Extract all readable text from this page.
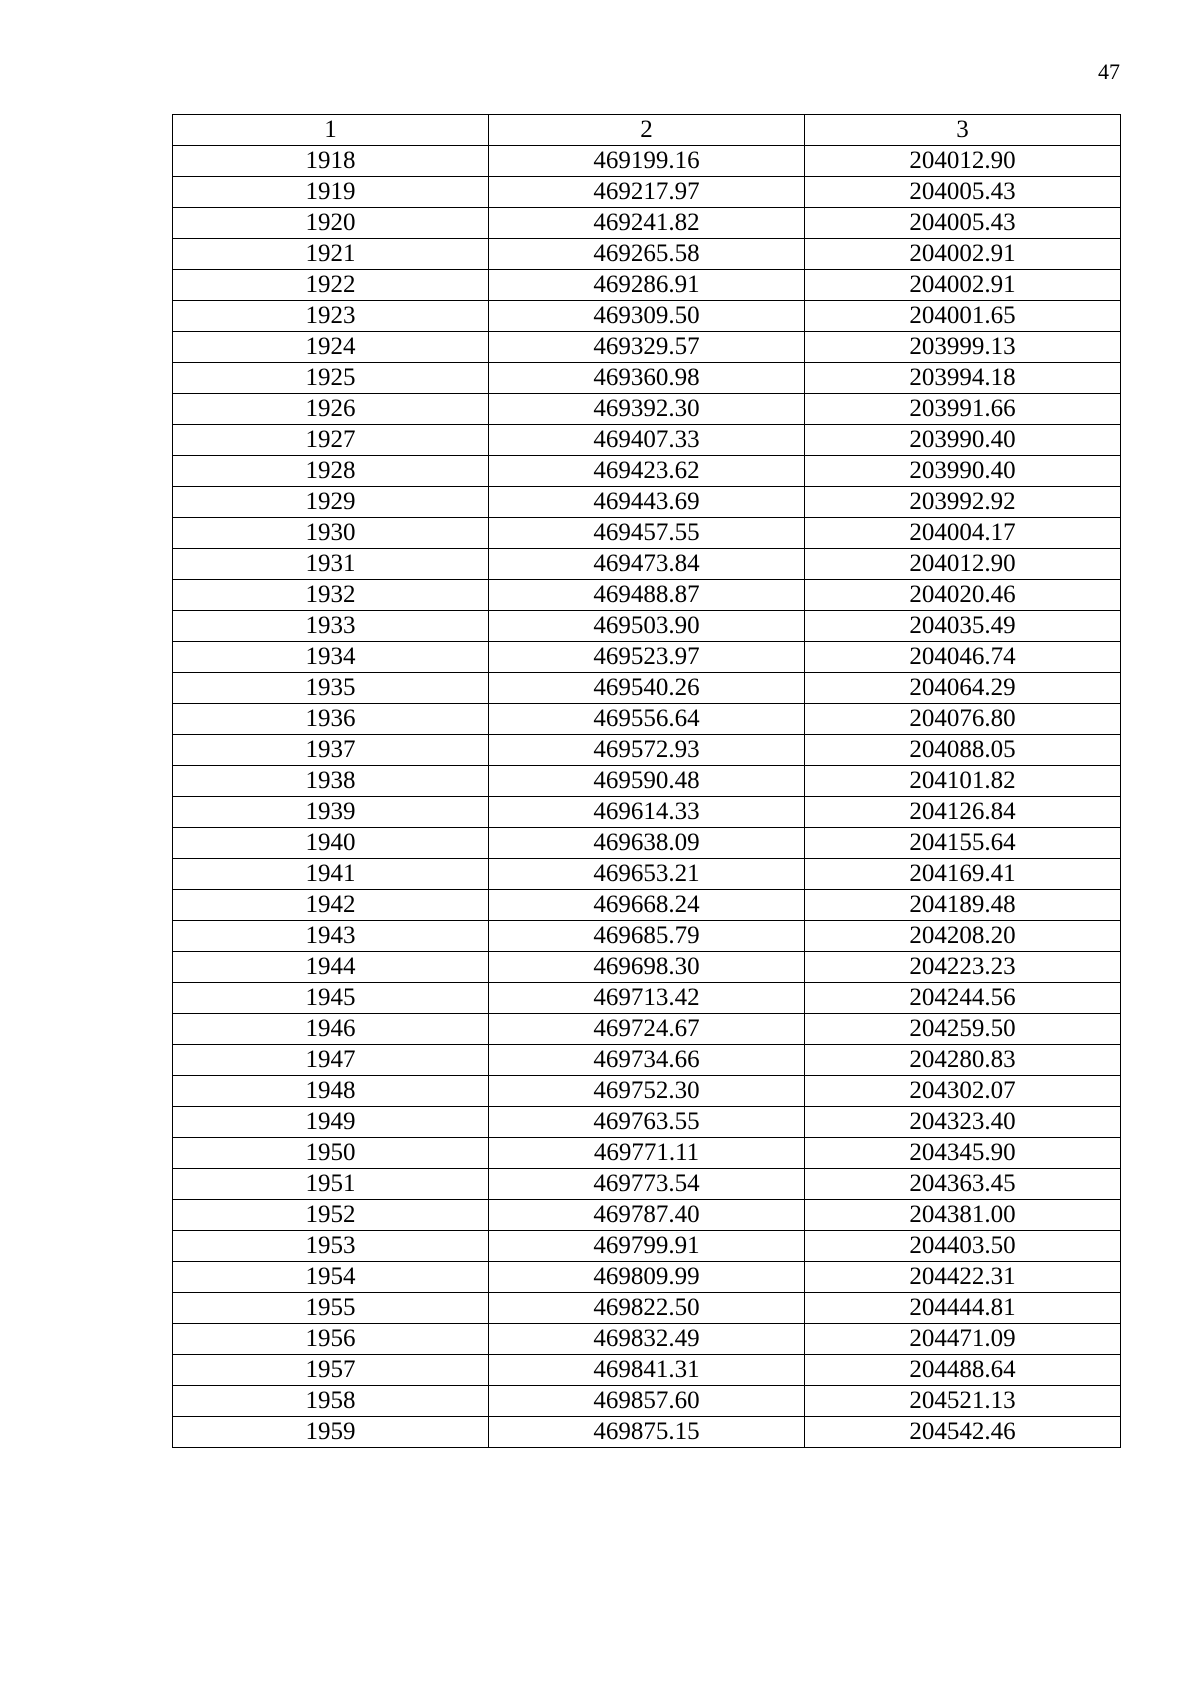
47
1	2	3
1918	469199.16	204012.90
1919	469217.97	204005.43
1920	469241.82	204005.43
1921	469265.58	204002.91
1922	469286.91	204002.91
1923	469309.50	204001.65
1924	469329.57	203999.13
1925	469360.98	203994.18
1926	469392.30	203991.66
1927	469407.33	203990.40
1928	469423.62	203990.40
1929	469443.69	203992.92
1930	469457.55	204004.17
1931	469473.84	204012.90
1932	469488.87	204020.46
1933	469503.90	204035.49
1934	469523.97	204046.74
1935	469540.26	204064.29
1936	469556.64	204076.80
1937	469572.93	204088.05
1938	469590.48	204101.82
1939	469614.33	204126.84
1940	469638.09	204155.64
1941	469653.21	204169.41
1942	469668.24	204189.48
1943	469685.79	204208.20
1944	469698.30	204223.23
1945	469713.42	204244.56
1946	469724.67	204259.50
1947	469734.66	204280.83
1948	469752.30	204302.07
1949	469763.55	204323.40
1950	469771.11	204345.90
1951	469773.54	204363.45
1952	469787.40	204381.00
1953	469799.91	204403.50
1954	469809.99	204422.31
1955	469822.50	204444.81
1956	469832.49	204471.09
1957	469841.31	204488.64
1958	469857.60	204521.13
1959	469875.15	204542.46
